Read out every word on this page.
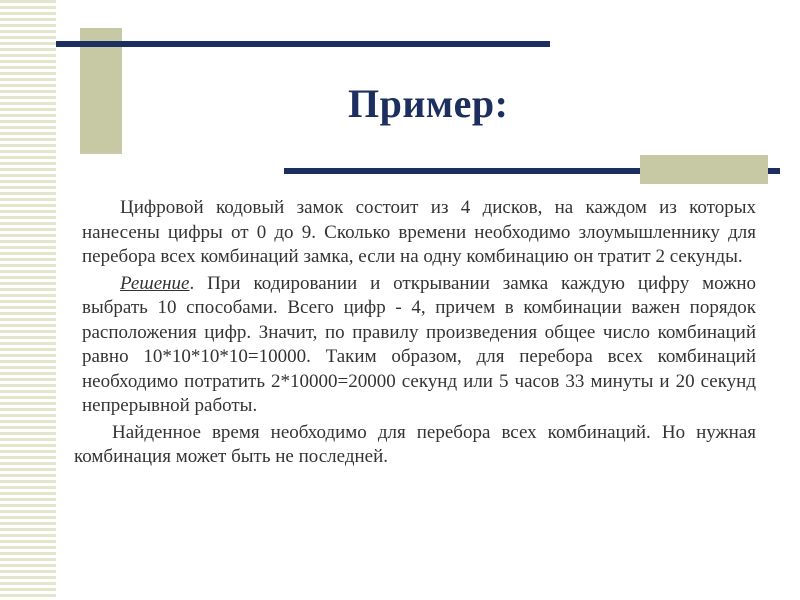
Пример:

Цифровой кодовый замок состоит из 4 дисков, на каждом из которых нанесены цифры от 0 до 9. Сколько времени необходимо злоумышленнику для перебора всех комбинаций замка, если на одну комбинацию он тратит 2 секунды.

Решение. При кодировании и открывании замка каждую цифру можно выбрать 10 способами. Всего цифр - 4, причем в комбинации важен порядок расположения цифр. Значит, по правилу произведения общее число комбинаций равно 10*10*10*10=10000. Таким образом, для перебора всех комбинаций необходимо потратить 2*10000=20000 секунд или 5 часов 33 минуты и 20 секунд непрерывной работы.

Найденное время необходимо для перебора всех комбинаций. Но нужная комбинация может быть не последней.
